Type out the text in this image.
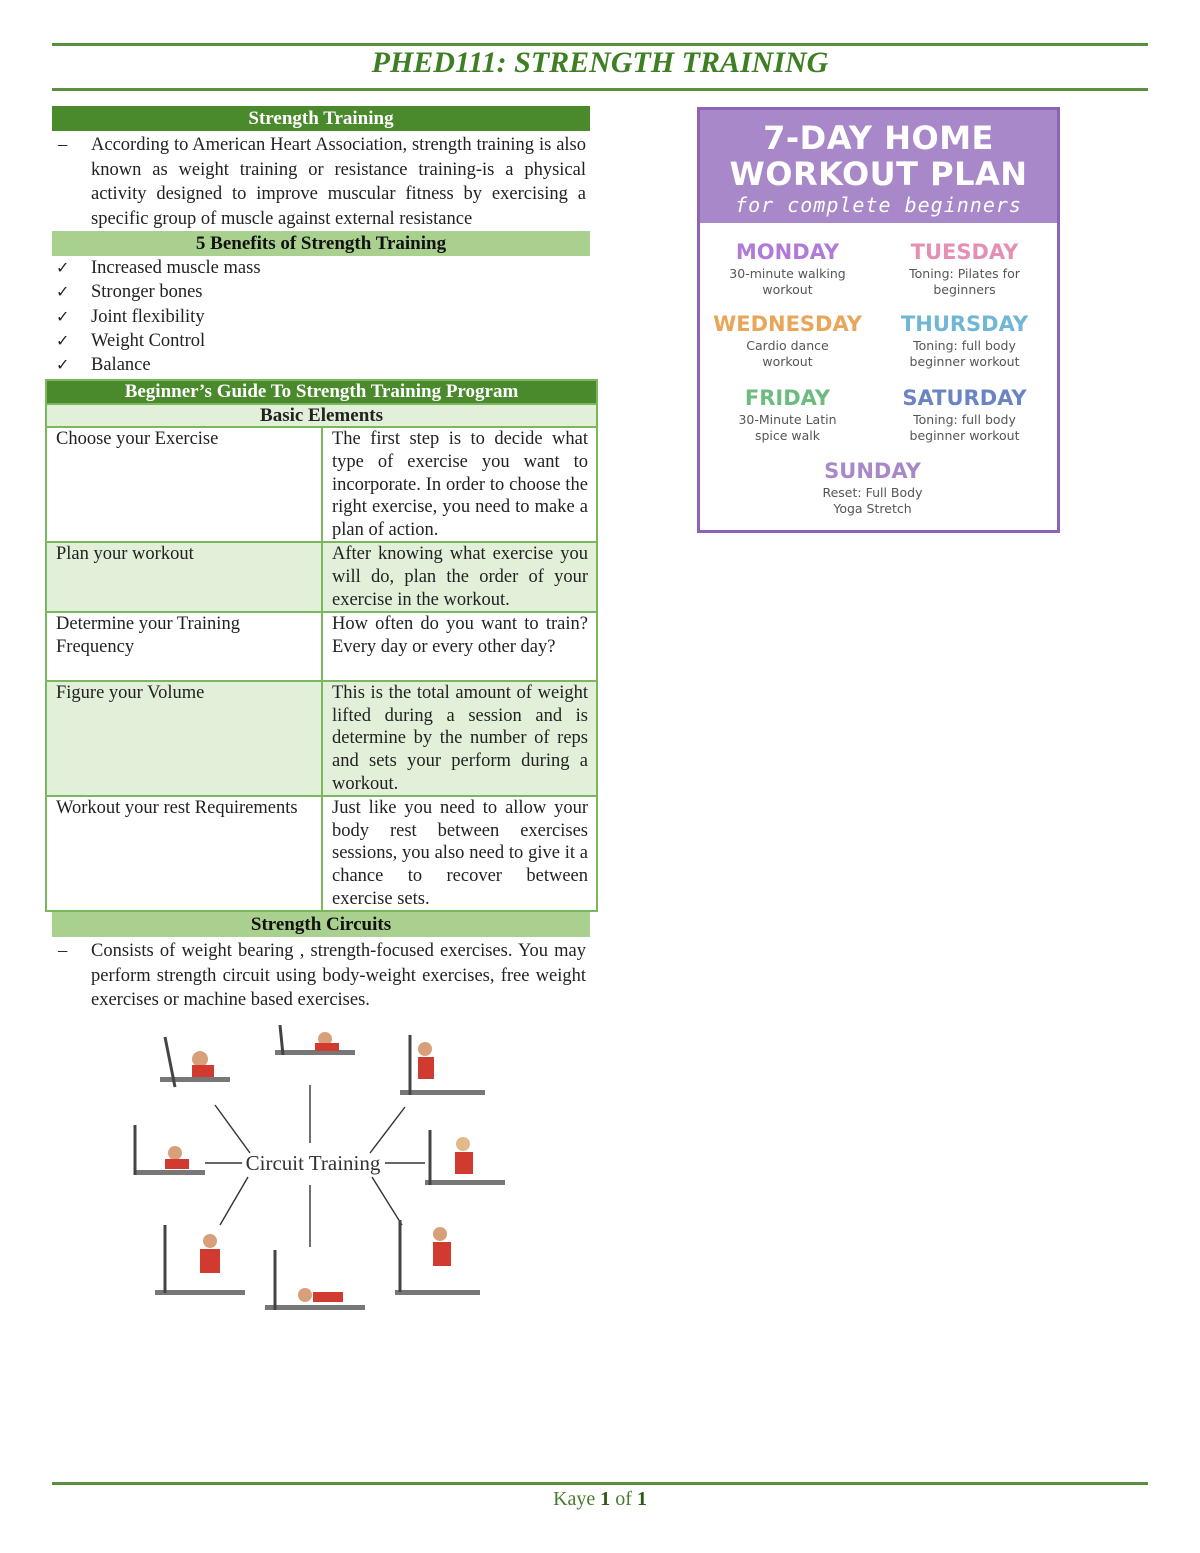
PHED111: STRENGTH TRAINING
Strength Training

– According to American Heart Association, strength training is also known as weight training or resistance training-is a physical activity designed to improve muscular fitness by exercising a specific group of muscle against external resistance

5 Benefits of Strength Training
✓ Increased muscle mass
✓ Stronger bones
✓ Joint flexibility
✓ Weight Control
✓ Balance
Beginner’s Guide To Strength Training Program	
Basic Elements	
Choose your Exercise	The first step is to decide what type of exercise you want to incorporate. In order to choose the right exercise, you need to make a plan of action.
Plan your workout	After knowing what exercise you will do, plan the order of your exercise in the workout.
Determine your Training Frequency	How often do you want to train? Every day or every other day?
Figure your Volume	This is the total amount of weight lifted during a session and is determine by the number of reps and sets your perform during a workout.
Workout your rest Requirements	Just like you need to allow your body rest between exercises sessions, you also need to give it a chance to recover between exercise sets.
Strength Circuits

– Consists of weight bearing , strength-focused exercises. You may perform strength circuit using body-weight exercises, free weight exercises or machine based exercises.

Circuit Training
7-DAY HOME
WORKOUT PLAN
for complete beginners
MONDAY
30-minute walking
workout
TUESDAY
Toning: Pilates for
beginners
WEDNESDAY
Cardio dance
workout
THURSDAY
Toning: full body
beginner workout
FRIDAY
30-Minute Latin
spice walk
SATURDAY
Toning: full body
beginner workout
SUNDAY
Reset: Full Body
Yoga Stretch
Kaye 1 of 1
